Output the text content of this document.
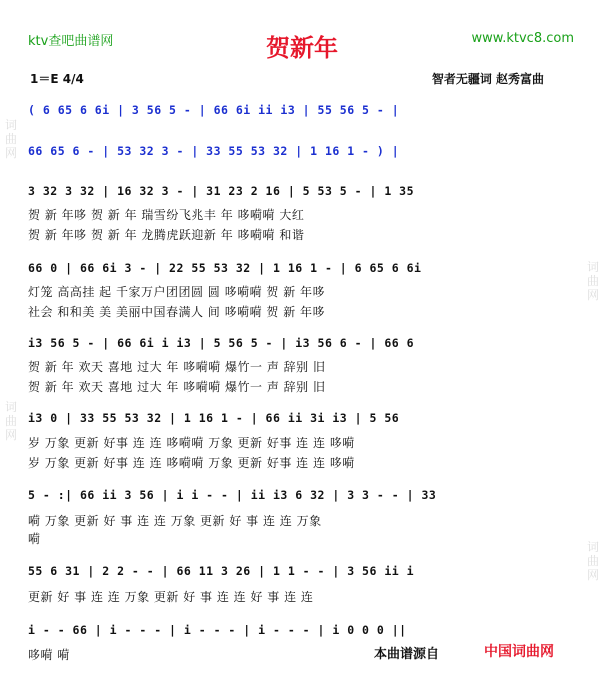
词
曲
网
词
曲
网
词
曲
网
词
曲
网
ktv查吧曲谱网	贺新年	www.ktvc8.com
1＝E 4/4	智者无疆词 赵秀富曲
( 6 65 6 6i | 3 56 5 - | 66 6i ii i3 | 55 56 5 - |
66 65 6 - | 53 32 3 - | 33 55 53 32 | 1 16 1 - ) |
3 32 3 32 | 16 32 3 - | 31 23 2 16 | 5 53 5 - | 1 35
贺 新 年哆 贺 新 年 瑞雪纷飞兆丰 年 哆嗬嗬 大红
贺 新 年哆 贺 新 年 龙腾虎跃迎新 年 哆嗬嗬 和谐
66 0 | 66 6i 3 - | 22 55 53 32 | 1 16 1 - | 6 65 6 6i
灯笼 高高挂 起 千家万户团团圆 圆 哆嗬嗬 贺 新 年哆
社会 和和美 美 美丽中国春满人 间 哆嗬嗬 贺 新 年哆
i3 56 5 - | 66 6i i i3 | 5 56 5 - | i3 56 6 - | 66 6
贺 新 年 欢天 喜地 过大 年 哆嗬嗬 爆竹一 声 辞别 旧
贺 新 年 欢天 喜地 过大 年 哆嗬嗬 爆竹一 声 辞别 旧
i3 0 | 33 55 53 32 | 1 16 1 - | 66 ii 3i i3 | 5 56
岁 万象 更新 好事 连 连 哆嗬嗬 万象 更新 好事 连 连 哆嗬
岁 万象 更新 好事 连 连 哆嗬嗬 万象 更新 好事 连 连 哆嗬
5 - :| 66 ii 3 56 | i i - - | ii i3 6 32 | 3 3 - - | 33
嗬 万象 更新 好 事 连 连 万象 更新 好 事 连 连 万象
嗬
55 6 31 | 2 2 - - | 66 11 3 26 | 1 1 - - | 3 56 ii i
更新 好 事 连 连 万象 更新 好 事 连 连 好 事 连 连
i - - 66 | i - - - | i - - - | i - - - | i 0 0 0 ||
哆嗬 嗬	本曲谱源自	中国词曲网
